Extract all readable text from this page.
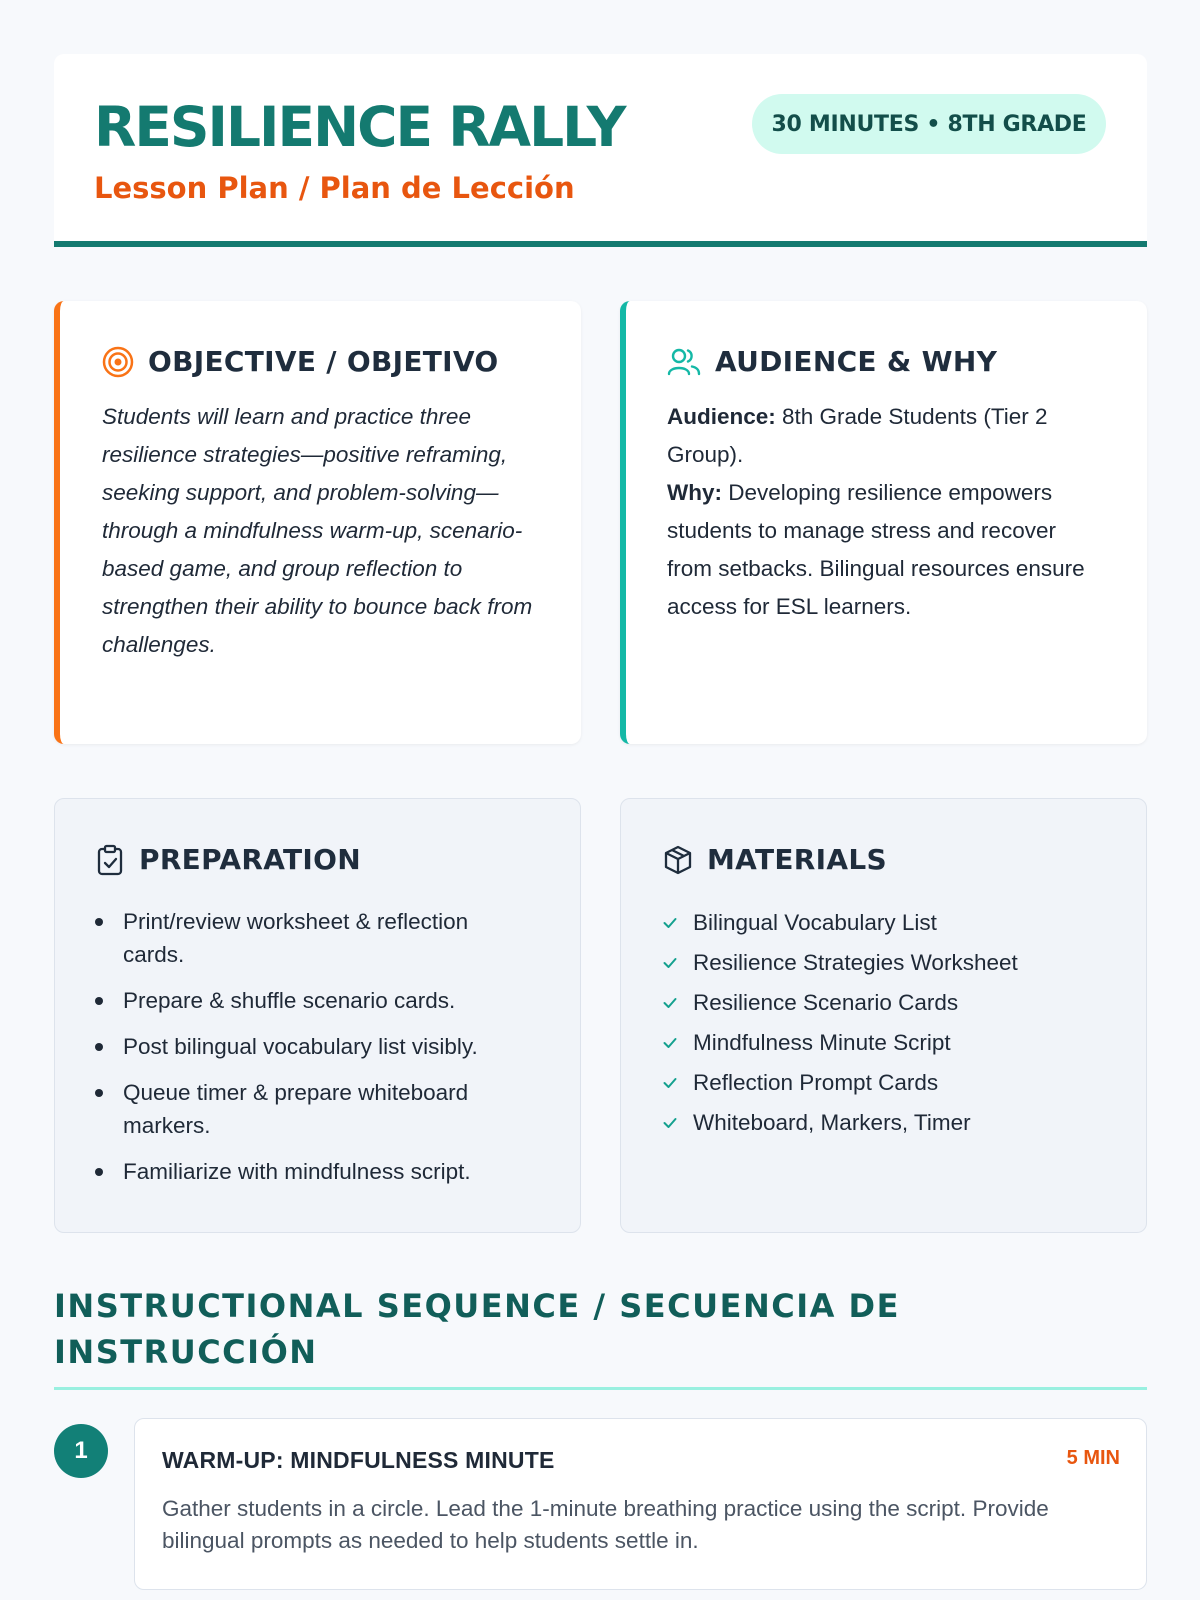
RESILIENCE RALLY
Lesson Plan / Plan de Lección
30 MINUTES • 8TH GRADE
OBJECTIVE / OBJETIVO
Students will learn and practice three resilience strategies—positive reframing, seeking support, and problem-solving—through a mindfulness warm-up, scenario-based game, and group reflection to strengthen their ability to bounce back from challenges.
AUDIENCE & WHY
Audience: 8th Grade Students (Tier 2 Group).
Why: Developing resilience empowers students to manage stress and recover from setbacks. Bilingual resources ensure access for ESL learners.
PREPARATION
Print/review worksheet & reflection cards.
Prepare & shuffle scenario cards.
Post bilingual vocabulary list visibly.
Queue timer & prepare whiteboard markers.
Familiarize with mindfulness script.
MATERIALS
Bilingual Vocabulary List
Resilience Strategies Worksheet
Resilience Scenario Cards
Mindfulness Minute Script
Reflection Prompt Cards
Whiteboard, Markers, Timer
INSTRUCTIONAL SEQUENCE / SECUENCIA DE INSTRUCCIÓN
1	WARM-UP: MINDFULNESS MINUTE	5 MIN
Gather students in a circle. Lead the 1-minute breathing practice using the script. Provide bilingual prompts as needed to help students settle in.
